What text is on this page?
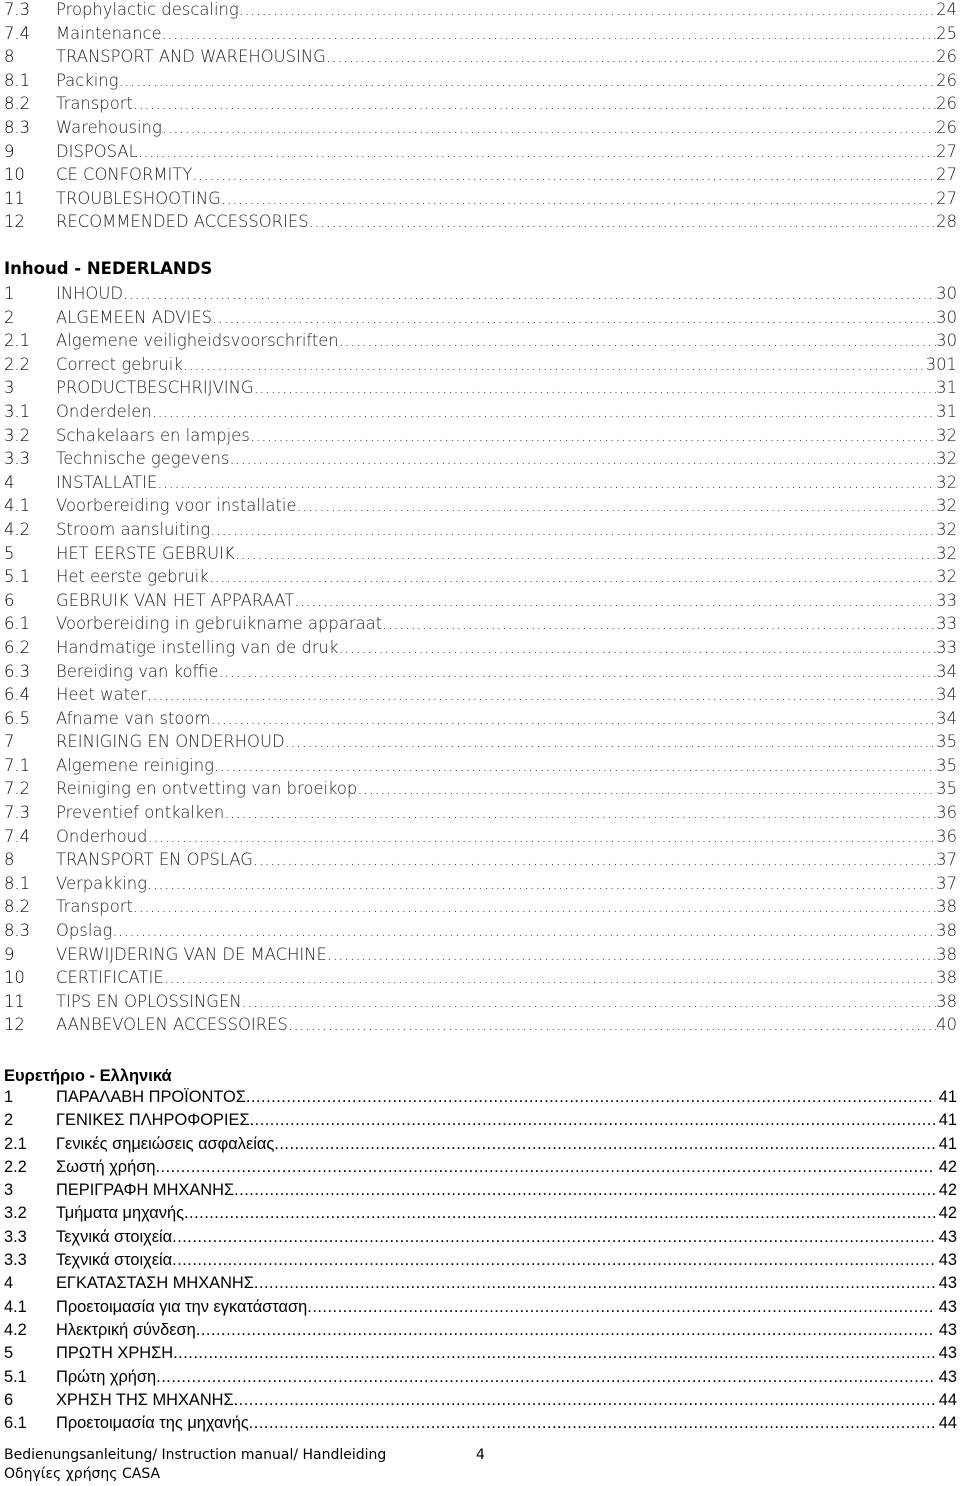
7.3	Prophylactic descaling .....	24
7.4	Maintenance .....	25
8	TRANSPORT AND WAREHOUSING .....	26
8.1	Packing .....	26
8.2	Transport .....	26
8.3	Warehousing .....	26
9	DISPOSAL .....	27
10	CE CONFORMITY .....	27
11	TROUBLESHOOTING .....	27
12	RECOMMENDED ACCESSORIES .....	28
Inhoud - NEDERLANDS
1	INHOUD .....	30
2	ALGEMEEN ADVIES .....	30
2.1	Algemene veiligheidsvoorschriften .....	30
2.2	Correct gebruik .....	301
3	PRODUCTBESCHRIJVING .....	31
3.1	Onderdelen .....	31
3.2	Schakelaars en lampjes .....	32
3.3	Technische gegevens .....	32
4	INSTALLATIE .....	32
4.1	Voorbereiding voor installatie .....	32
4.2	Stroom aansluiting .....	32
5	HET EERSTE GEBRUIK .....	32
5.1	Het eerste gebruik .....	32
6	GEBRUIK VAN HET APPARAAT .....	33
6.1	Voorbereiding in gebruikname apparaat .....	33
6.2	Handmatige instelling van de druk .....	33
6.3	Bereiding van koffie .....	34
6.4	Heet water .....	34
6.5	Afname van stoom .....	34
7	REINIGING EN ONDERHOUD .....	35
7.1	Algemene reiniging .....	35
7.2	Reiniging en ontvetting van broeikop .....	35
7.3	Preventief ontkalken .....	36
7.4	Onderhoud .....	36
8	TRANSPORT EN OPSLAG .....	37
8.1	Verpakking .....	37
8.2	Transport .....	38
8.3	Opslag .....	38
9	VERWIJDERING VAN DE MACHINE .....	38
10	CERTIFICATIE .....	38
11	TIPS EN OPLOSSINGEN .....	38
12	AANBEVOLEN ACCESSOIRES .....	40
Ευρετήριο - Ελληνικά
1	ΠΑΡΑΛΑΒΗ ΠΡΟΪΟΝΤΟΣ .....	41
2	ΓΕΝΙΚΕΣ ΠΛΗΡΟΦΟΡΙΕΣ .....	41
2.1	Γενικές σημειώσεις ασφαλείας .....	41
2.2	Σωστή χρήση .....	42
3	ΠΕΡΙΓΡΑΦΗ ΜΗΧΑΝΗΣ .....	42
3.2	Τμήματα μηχανής .....	42
3.3	Τεχνικά στοιχεία .....	43
3.3	Τεχνικά στοιχεία .....	43
4	ΕΓΚΑΤΑΣΤΑΣΗ ΜΗΧΑΝΗΣ .....	43
4.1	Προετοιμασία για την εγκατάσταση .....	43
4.2	Ηλεκτρική σύνδεση .....	43
5	ΠΡΩΤΗ ΧΡΗΣΗ .....	43
5.1	Πρώτη χρήση .....	43
6	ΧΡΗΣΗ ΤΗΣ ΜΗΧΑΝΗΣ .....	44
6.1	Προετοιμασία της μηχανής .....	44
Bedienungsanleitung/ Instruction manual/ Handleiding	4
Οδηγίες χρήσης CASA
